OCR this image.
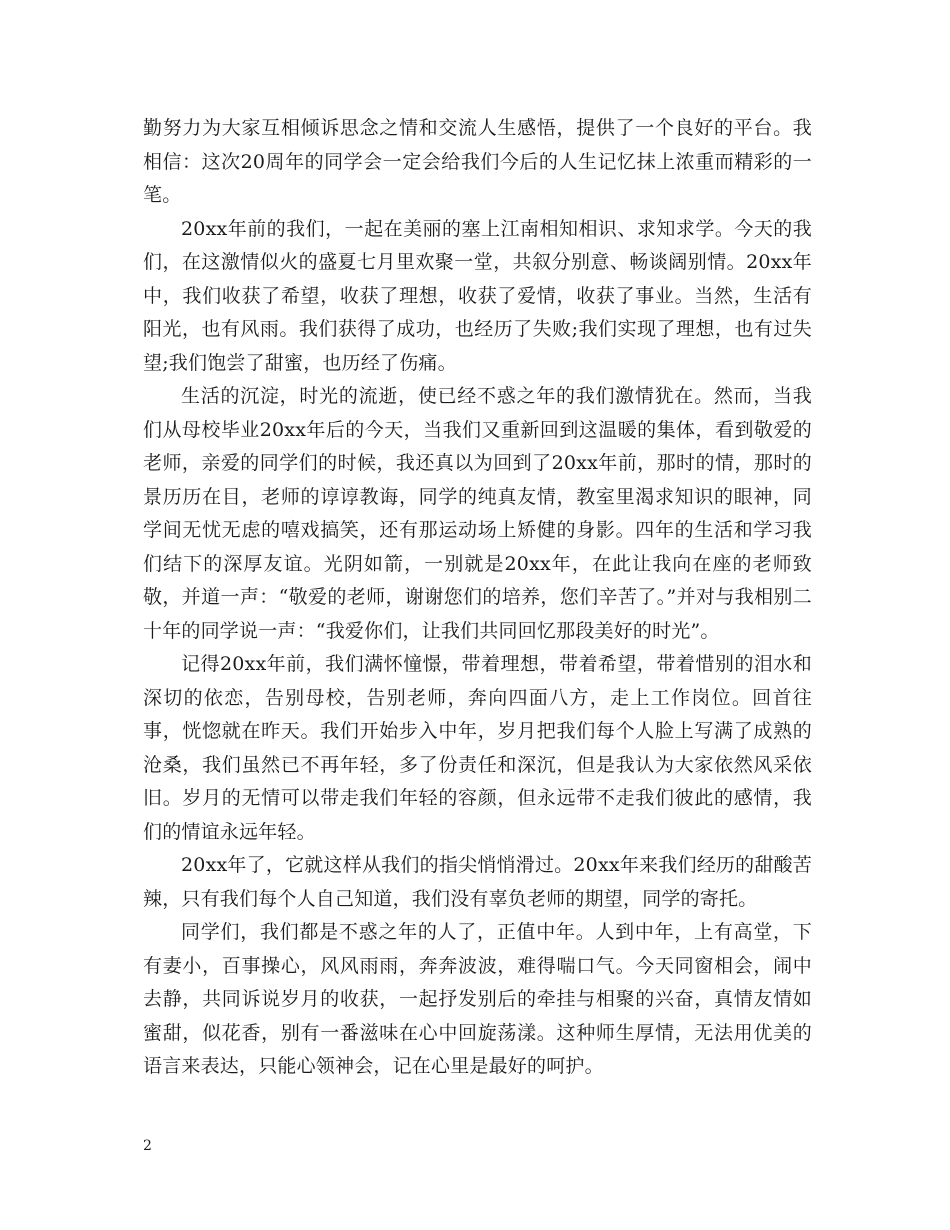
勤努力为大家互相倾诉思念之情和交流人生感悟，提供了一个良好的平台。我相信：这次20周年的同学会一定会给我们今后的人生记忆抹上浓重而精彩的一笔。

20xx年前的我们，一起在美丽的塞上江南相知相识、求知求学。今天的我们，在这激情似火的盛夏七月里欢聚一堂，共叙分别意、畅谈阔别情。20xx年中，我们收获了希望，收获了理想，收获了爱情，收获了事业。当然，生活有阳光，也有风雨。我们获得了成功，也经历了失败;我们实现了理想，也有过失望;我们饱尝了甜蜜，也历经了伤痛。

生活的沉淀，时光的流逝，使已经不惑之年的我们激情犹在。然而，当我们从母校毕业20xx年后的今天，当我们又重新回到这温暖的集体，看到敬爱的老师，亲爱的同学们的时候，我还真以为回到了20xx年前，那时的情，那时的景历历在目，老师的谆谆教诲，同学的纯真友情，教室里渴求知识的眼神，同学间无忧无虑的嘻戏搞笑，还有那运动场上矫健的身影。四年的生活和学习我们结下的深厚友谊。光阴如箭，一别就是20xx年，在此让我向在座的老师致敬，并道一声：“敬爱的老师，谢谢您们的培养，您们辛苦了。”并对与我相别二十年的同学说一声：“我爱你们，让我们共同回忆那段美好的时光”。

记得20xx年前，我们满怀憧憬，带着理想，带着希望，带着惜别的泪水和深切的依恋，告别母校，告别老师，奔向四面八方，走上工作岗位。回首往事，恍惚就在昨天。我们开始步入中年，岁月把我们每个人脸上写满了成熟的沧桑，我们虽然已不再年轻，多了份责任和深沉，但是我认为大家依然风采依旧。岁月的无情可以带走我们年轻的容颜，但永远带不走我们彼此的感情，我们的情谊永远年轻。

20xx年了，它就这样从我们的指尖悄悄滑过。20xx年来我们经历的甜酸苦辣，只有我们每个人自己知道，我们没有辜负老师的期望，同学的寄托。

同学们，我们都是不惑之年的人了，正值中年。人到中年，上有高堂，下有妻小，百事操心，风风雨雨，奔奔波波，难得喘口气。今天同窗相会，闹中去静，共同诉说岁月的收获，一起抒发别后的牵挂与相聚的兴奋，真情友情如蜜甜，似花香，别有一番滋味在心中回旋荡漾。这种师生厚情，无法用优美的语言来表达，只能心领神会，记在心里是最好的呵护。

2
